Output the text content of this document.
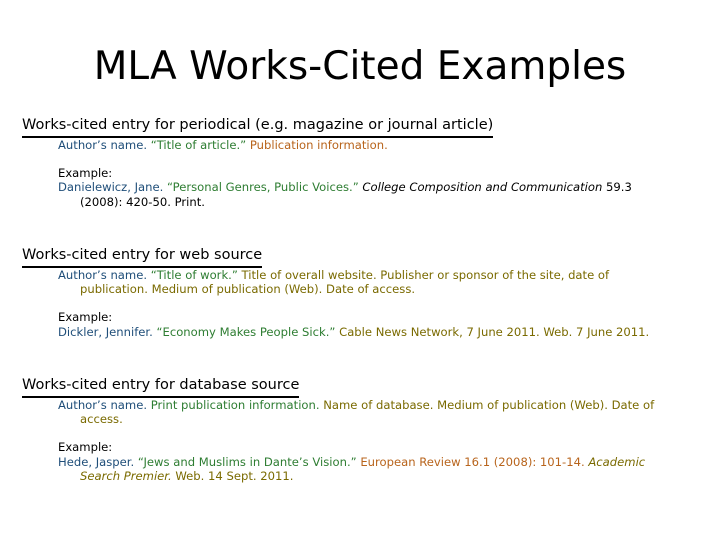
MLA Works-Cited Examples
Works-cited entry for periodical (e.g. magazine or journal article)
Author’s name. “Title of article.” Publication information.
Example:
Danielewicz, Jane. “Personal Genres, Public Voices.” College Composition and Communication 59.3
(2008): 420-50. Print.
Works-cited entry for web source
Author’s name. “Title of work.” Title of overall website. Publisher or sponsor of the site, date of
publication. Medium of publication (Web). Date of access.
Example:
Dickler, Jennifer. “Economy Makes People Sick.” Cable News Network, 7 June 2011. Web. 7 June 2011.
Works-cited entry for database source
Author’s name. Print publication information. Name of database. Medium of publication (Web). Date of
access.
Example:
Hede, Jasper. “Jews and Muslims in Dante’s Vision.” European Review 16.1 (2008): 101-14. Academic
Search Premier. Web. 14 Sept. 2011.
